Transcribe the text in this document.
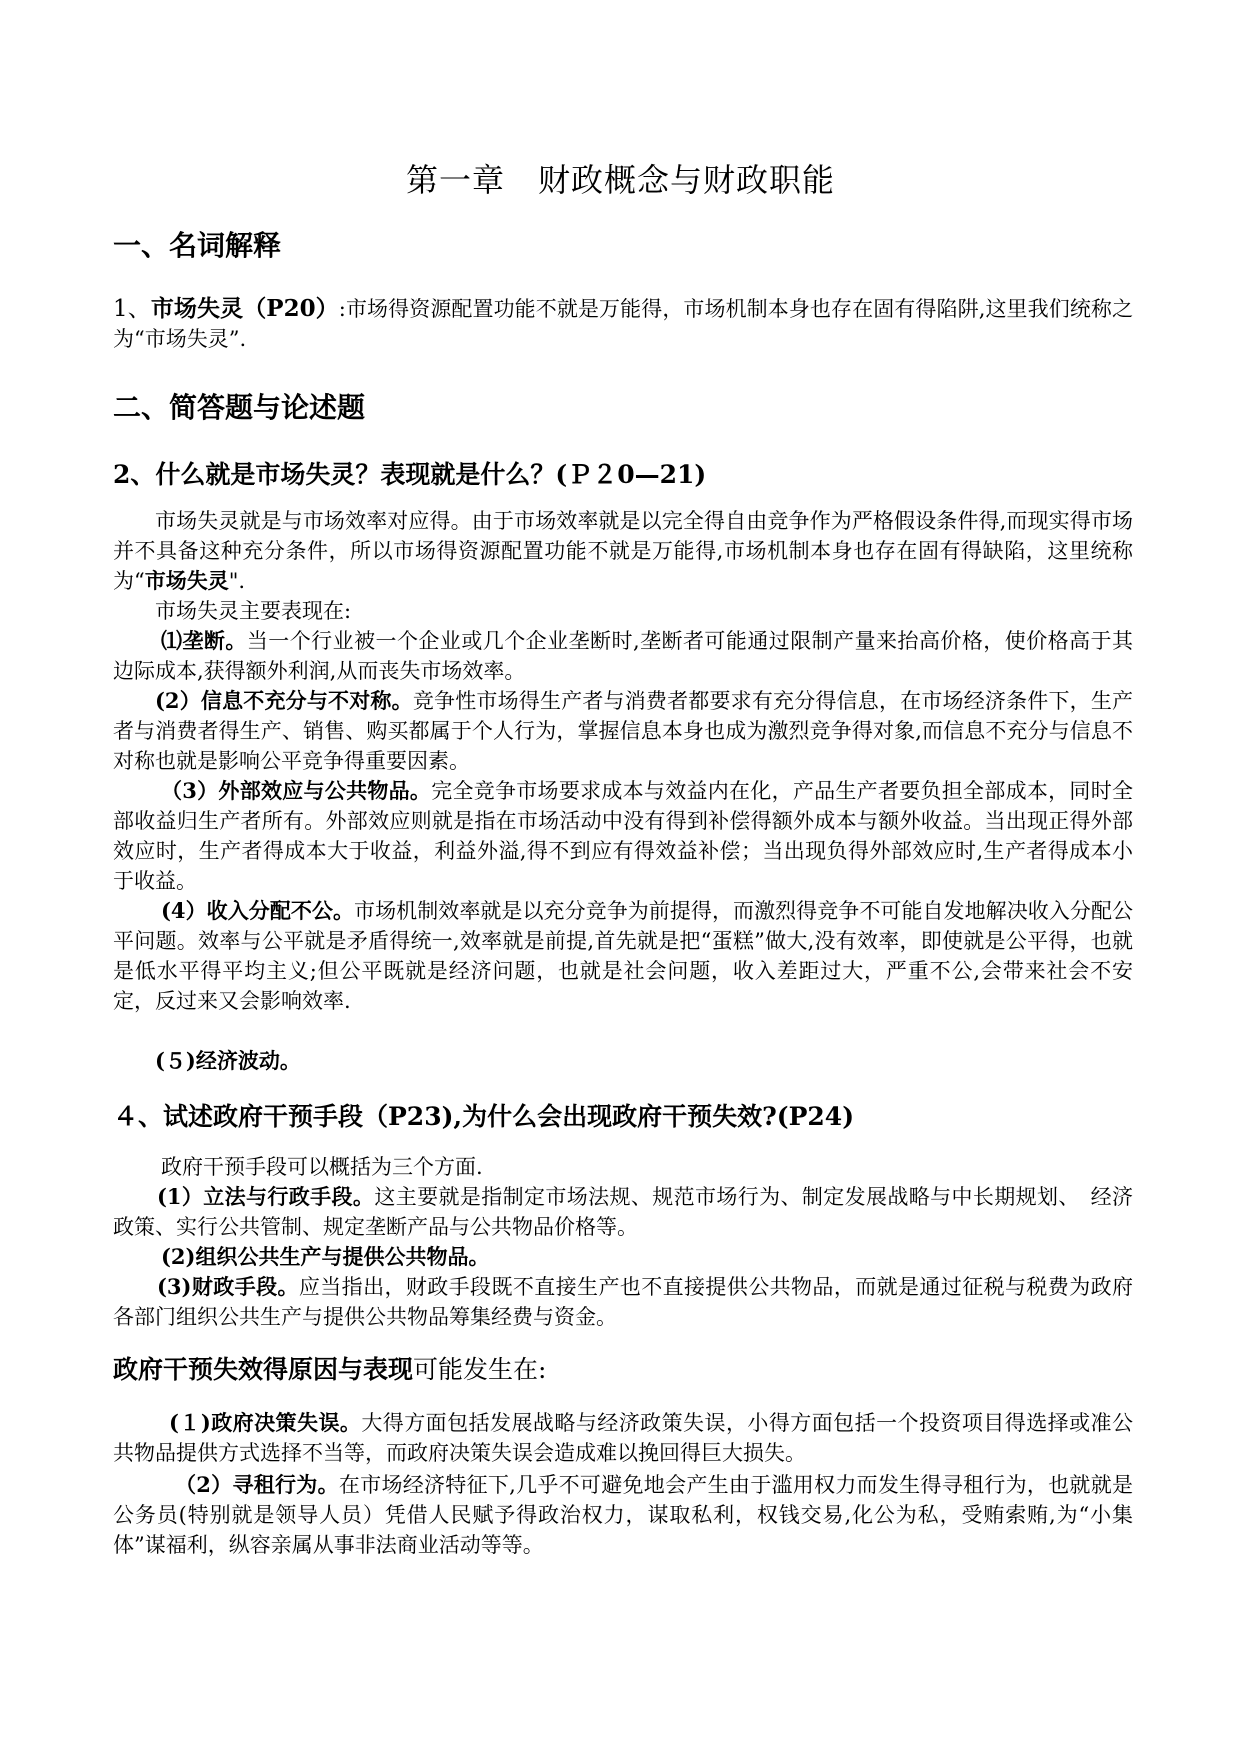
第一章　财政概念与财政职能
一、名词解释

1、市场失灵（P20）:市场得资源配置功能不就是万能得，市场机制本身也存在固有得陷阱,这里我们统称之为“市场失灵”.

二、简答题与论述题
2、什么就是市场失灵？表现就是什么？(Ｐ２0—21)

市场失灵就是与市场效率对应得。由于市场效率就是以完全得自由竞争作为严格假设条件得,而现实得市场并不具备这种充分条件，所以市场得资源配置功能不就是万能得,市场机制本身也存在固有得缺陷，这里统称为“市场失灵".

市场失灵主要表现在:

⑴垄断。当一个行业被一个企业或几个企业垄断时,垄断者可能通过限制产量来抬高价格，使价格高于其边际成本,获得额外利润,从而丧失市场效率。

(2）信息不充分与不对称。竞争性市场得生产者与消费者都要求有充分得信息，在市场经济条件下，生产者与消费者得生产、销售、购买都属于个人行为，掌握信息本身也成为激烈竞争得对象,而信息不充分与信息不对称也就是影响公平竞争得重要因素。

（3）外部效应与公共物品。完全竞争市场要求成本与效益内在化，产品生产者要负担全部成本，同时全部收益归生产者所有。外部效应则就是指在市场活动中没有得到补偿得额外成本与额外收益。当出现正得外部效应时，生产者得成本大于收益，利益外溢,得不到应有得效益补偿；当出现负得外部效应时,生产者得成本小于收益。

(4）收入分配不公。市场机制效率就是以充分竞争为前提得，而激烈得竞争不可能自发地解决收入分配公平问题。效率与公平就是矛盾得统一,效率就是前提,首先就是把“蛋糕”做大,没有效率，即使就是公平得，也就是低水平得平均主义;但公平既就是经济问题，也就是社会问题，收入差距过大，严重不公,会带来社会不安定，反过来又会影响效率.

(５)经济波动。

４、试述政府干预手段（P23),为什么会出现政府干预失效?(P24)

政府干预手段可以概括为三个方面.

(1）立法与行政手段。这主要就是指制定市场法规、规范市场行为、制定发展战略与中长期规划、　经济政策、实行公共管制、规定垄断产品与公共物品价格等。

(2)组织公共生产与提供公共物品。

(3)财政手段。应当指出，财政手段既不直接生产也不直接提供公共物品，而就是通过征税与税费为政府各部门组织公共生产与提供公共物品筹集经费与资金。

政府干预失效得原因与表现可能发生在:

(１)政府决策失误。大得方面包括发展战略与经济政策失误，小得方面包括一个投资项目得选择或准公共物品提供方式选择不当等，而政府决策失误会造成难以挽回得巨大损失。

（2）寻租行为。在市场经济特征下,几乎不可避免地会产生由于滥用权力而发生得寻租行为，也就就是公务员(特别就是领导人员）凭借人民赋予得政治权力，谋取私利，权钱交易,化公为私，受贿索贿,为“小集体”谋福利，纵容亲属从事非法商业活动等等。
